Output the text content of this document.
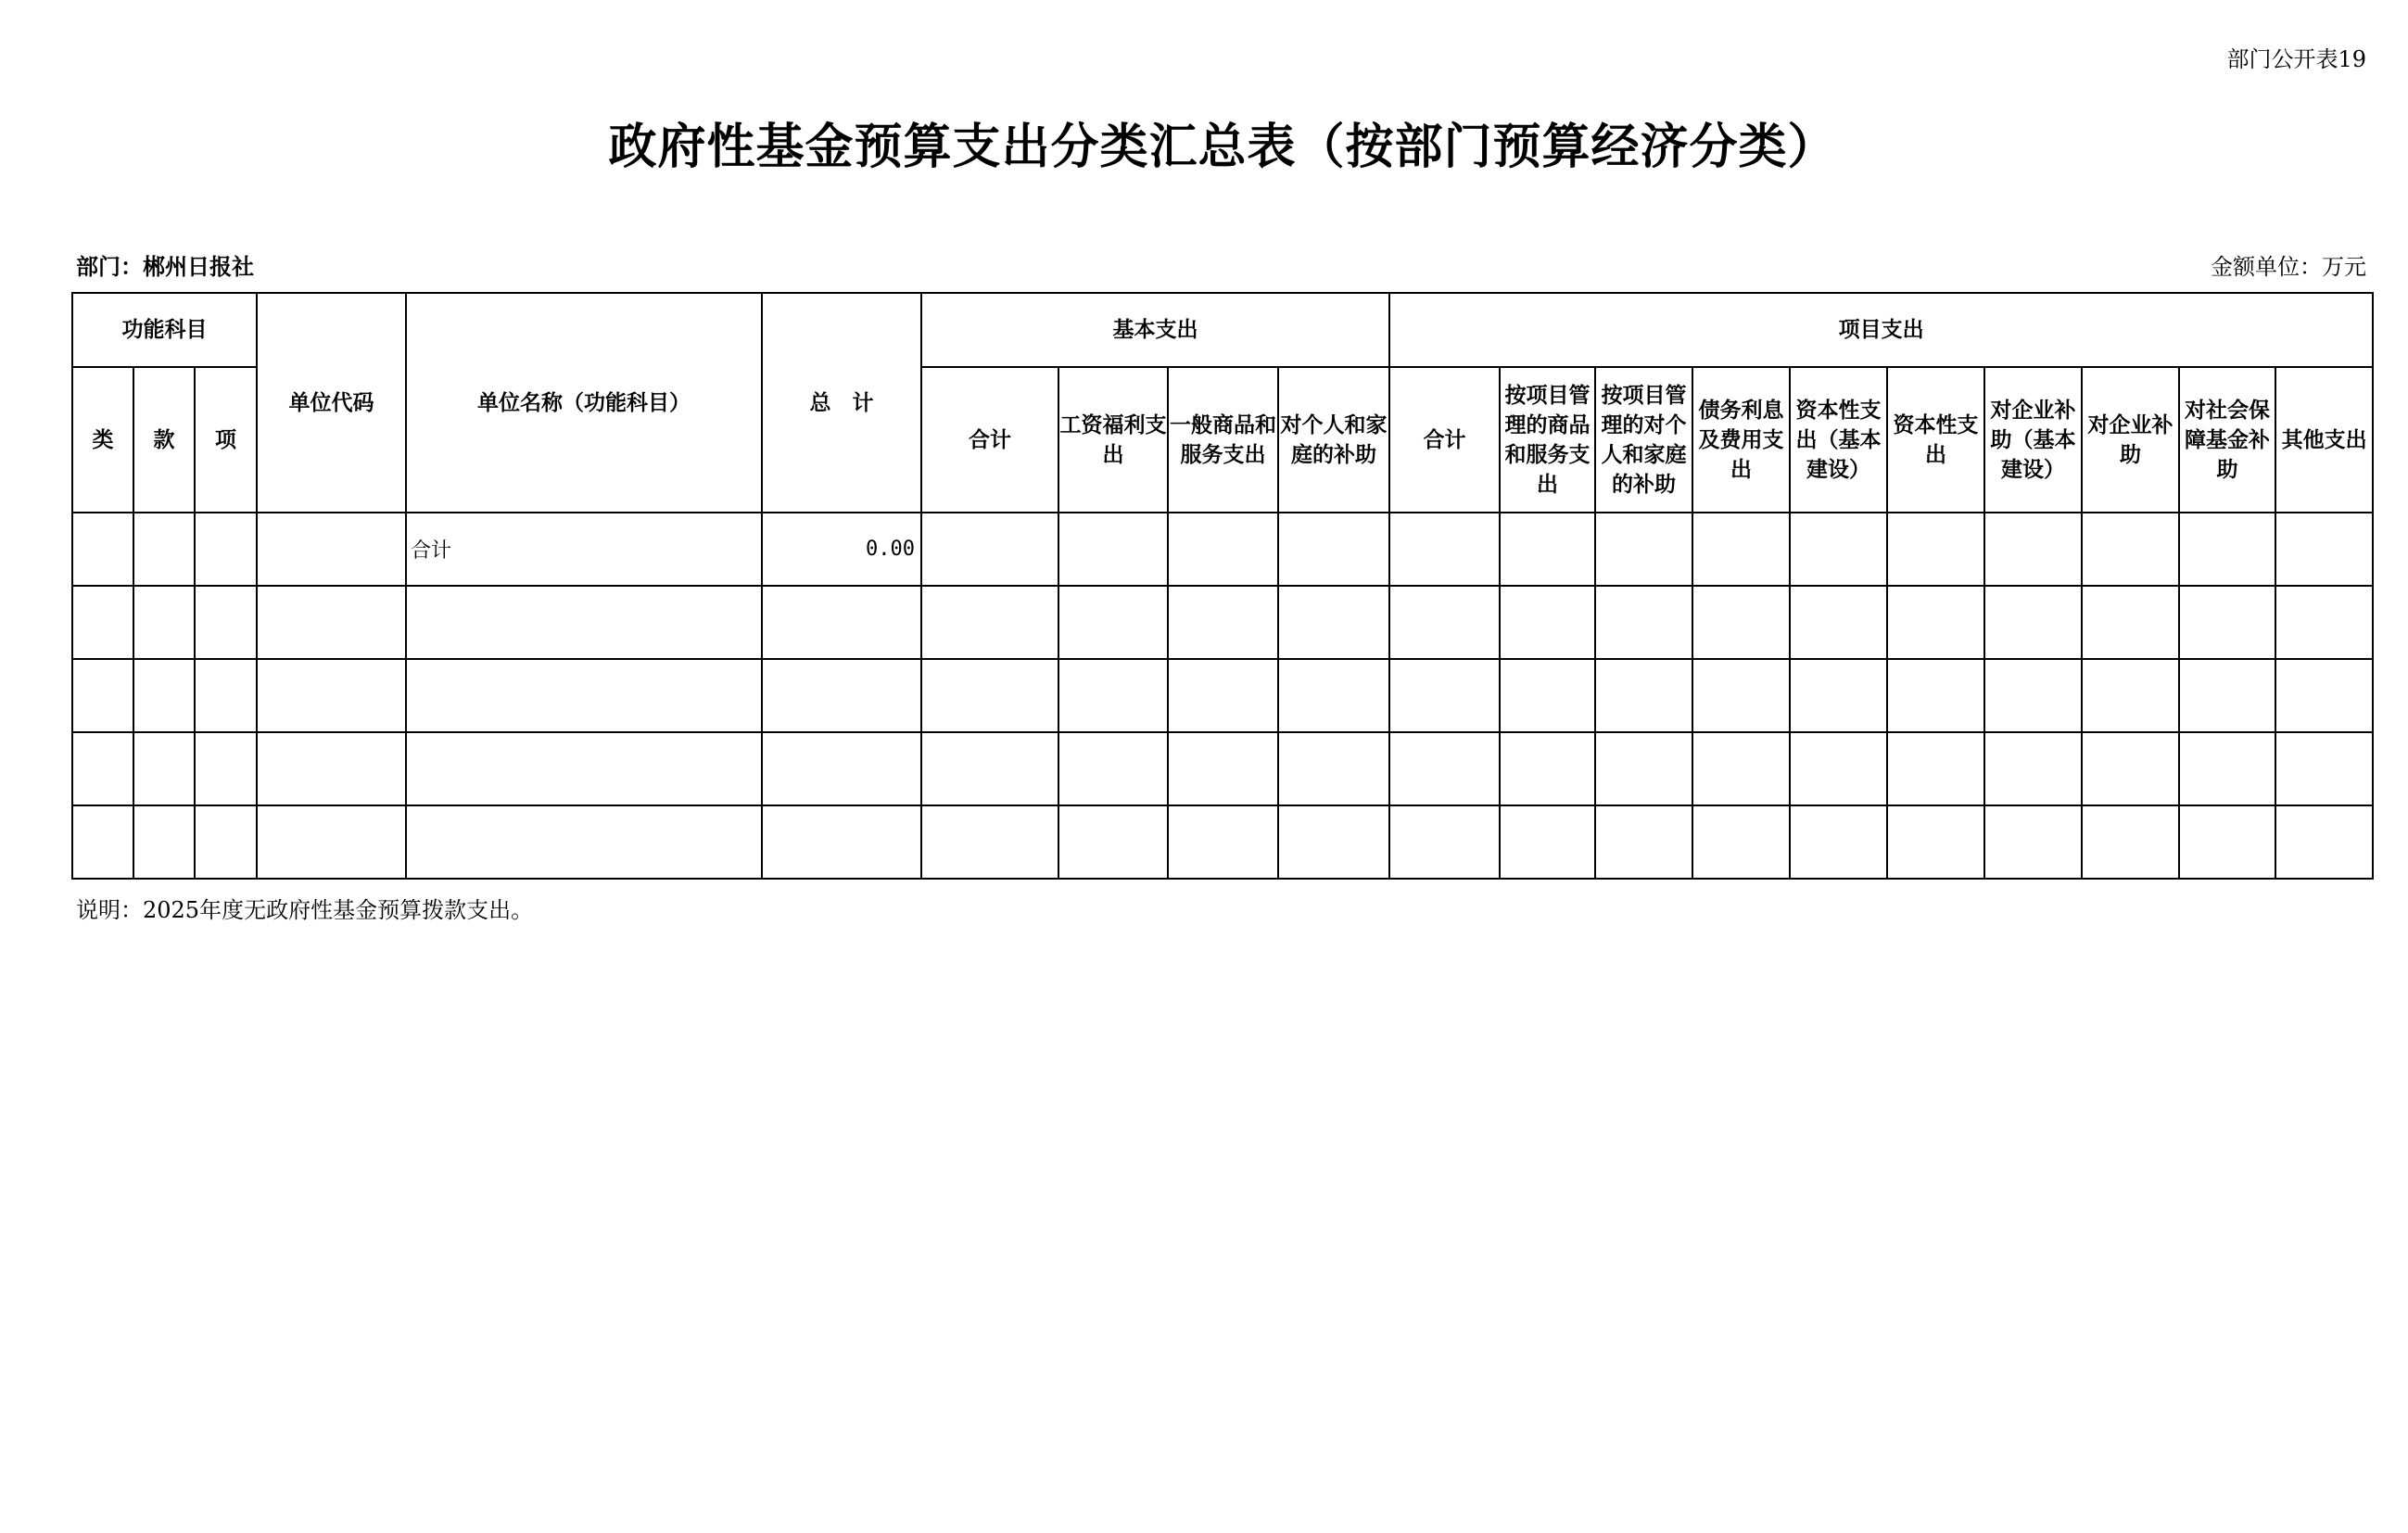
部门公开表19
政府性基金预算支出分类汇总表（按部门预算经济分类）
部门：郴州日报社	金额单位：万元
功能科目			单位代码	单位名称（功能科目）	总　计	基本支出				项目支出									
类	款	项				合计	工资福利支出	一般商品和服务支出	对个人和家庭的补助	合计	按项目管理的商品和服务支出	按项目管理的对个人和家庭的补助	债务利息及费用支出	资本性支出（基本建设）	资本性支出	对企业补助（基本建设）	对企业补助	对社会保障基金补助	其他支出
				合计	0.00														

说明：2025年度无政府性基金预算拨款支出。
